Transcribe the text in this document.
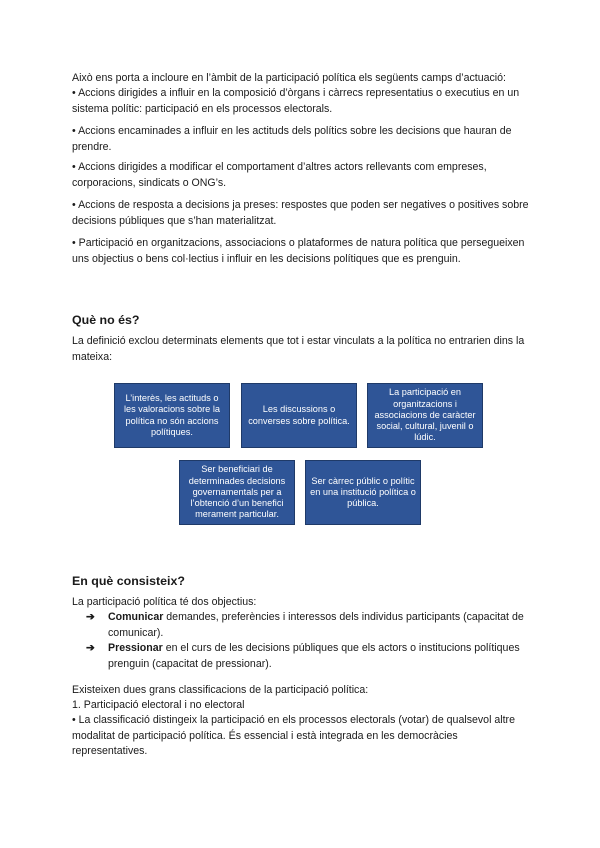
Això ens porta a incloure en l’àmbit de la participació política els següents camps d’actuació:

• Accions dirigides a influir en la composició d’òrgans i càrrecs representatius o executius en un sistema polític: participació en els processos electorals.

• Accions encaminades a influir en les actituds dels polítics sobre les decisions que hauran de prendre.

• Accions dirigides a modificar el comportament d’altres actors rellevants com empreses, corporacions, sindicats o ONG’s.

• Accions de resposta a decisions ja preses: respostes que poden ser negatives o positives sobre decisions públiques que s’han materialitzat.

• Participació en organitzacions, associacions o plataformes de natura política que persegueixen uns objectius o bens col·lectius i influir en les decisions polítiques que es prenguin.

Què no és?

La definició exclou determinats elements que tot i estar vinculats a la política no entrarien dins la mateixa:

L’interès, les actituds o les valoracions sobre la política no són accions polítiques.
Les discussions o converses sobre política.
La participació en organitzacions i associacions de caràcter social, cultural, juvenil o lúdic.
Ser beneficiari de determinades decisions governamentals per a l’obtenció d’un benefici merament particular.
Ser càrrec públic o polític en una institució política o pública.
En què consisteix?

La participació política té dos objectius:

➔ Comunicar demandes, preferències i interessos dels individus participants (capacitat de comunicar).

➔ Pressionar en el curs de les decisions públiques que els actors o institucions polítiques prenguin (capacitat de pressionar).

Existeixen dues grans classificacions de la participació política:

1. Participació electoral i no electoral

• La classificació distingeix la participació en els processos electorals (votar) de qualsevol altre modalitat de participació política. És essencial i està integrada en les democràcies representatives.
